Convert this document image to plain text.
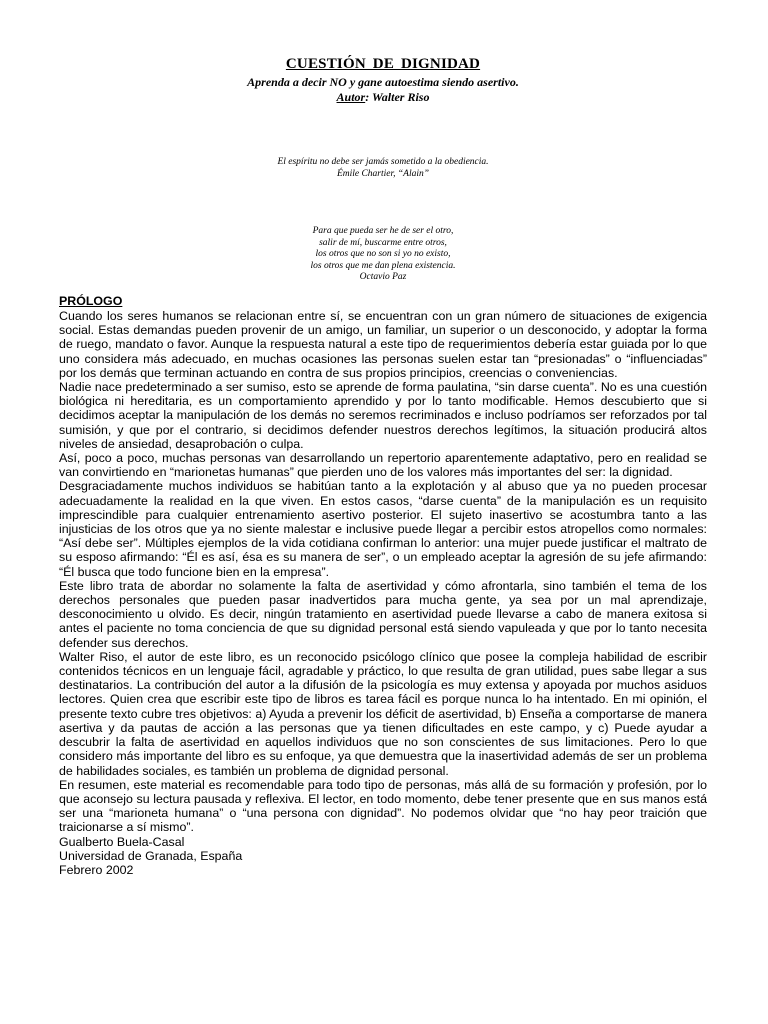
CUESTIÓN DE DIGNIDAD

Aprenda a decir NO y gane autoestima siendo asertivo.

Autor: Walter Riso

El espíritu no debe ser jamás sometido a la obediencia.
Émile Chartier, “Alain”
Para que pueda ser he de ser el otro,
salir de mí, buscarme entre otros,
los otros que no son si yo no existo,
los otros que me dan plena existencia.
Octavio Paz
PRÓLOGO

Cuando los seres humanos se relacionan entre sí, se encuentran con un gran número de situaciones de exigencia social. Estas demandas pueden provenir de un amigo, un familiar, un superior o un desconocido, y adoptar la forma de ruego, mandato o favor. Aunque la respuesta natural a este tipo de requerimientos debería estar guiada por lo que uno considera más adecuado, en muchas ocasiones las personas suelen estar tan “presionadas” o “influenciadas” por los demás que terminan actuando en contra de sus propios principios, creencias o conveniencias.

Nadie nace predeterminado a ser sumiso, esto se aprende de forma paulatina, “sin darse cuenta”. No es una cuestión biológica ni hereditaria, es un comportamiento aprendido y por lo tanto modificable. Hemos descubierto que si decidimos aceptar la manipulación de los demás no seremos recriminados e incluso podríamos ser reforzados por tal sumisión, y que por el contrario, si decidimos defender nuestros derechos legítimos, la situación producirá altos niveles de ansiedad, desaprobación o culpa.

Así, poco a poco, muchas personas van desarrollando un repertorio aparentemente adaptativo, pero en realidad se van convirtiendo en “marionetas humanas” que pierden uno de los valores más importantes del ser: la dignidad.

Desgraciadamente muchos individuos se habitúan tanto a la explotación y al abuso que ya no pueden procesar adecuadamente la realidad en la que viven. En estos casos, “darse cuenta” de la manipulación es un requisito imprescindible para cualquier entrenamiento asertivo posterior. El sujeto inasertivo se acostumbra tanto a las injusticias de los otros que ya no siente malestar e inclusive puede llegar a percibir estos atropellos como normales: “Así debe ser”. Múltiples ejemplos de la vida cotidiana confirman lo anterior: una mujer puede justificar el maltrato de su esposo afirmando: “Él es así, ésa es su manera de ser”, o un empleado aceptar la agresión de su jefe afirmando: “Él busca que todo funcione bien en la empresa”.

Este libro trata de abordar no solamente la falta de asertividad y cómo afrontarla, sino también el tema de los derechos personales que pueden pasar inadvertidos para mucha gente, ya sea por un mal aprendizaje, desconocimiento u olvido. Es decir, ningún tratamiento en asertividad puede llevarse a cabo de manera exitosa si antes el paciente no toma conciencia de que su dignidad personal está siendo vapuleada y que por lo tanto necesita defender sus derechos.

Walter Riso, el autor de este libro, es un reconocido psicólogo clínico que posee la compleja habilidad de escribir contenidos técnicos en un lenguaje fácil, agradable y práctico, lo que resulta de gran utilidad, pues sabe llegar a sus destinatarios. La contribución del autor a la difusión de la psicología es muy extensa y apoyada por muchos asiduos lectores. Quien crea que escribir este tipo de libros es tarea fácil es porque nunca lo ha intentado. En mi opinión, el presente texto cubre tres objetivos: a) Ayuda a prevenir los déficit de asertividad, b) Enseña a comportarse de manera asertiva y da pautas de acción a las personas que ya tienen dificultades en este campo, y c) Puede ayudar a descubrir la falta de asertividad en aquellos individuos que no son conscientes de sus limitaciones. Pero lo que considero más importante del libro es su enfoque, ya que demuestra que la inasertividad además de ser un problema de habilidades sociales, es también un problema de dignidad personal.

En resumen, este material es recomendable para todo tipo de personas, más allá de su formación y profesión, por lo que aconsejo su lectura pausada y reflexiva. El lector, en todo momento, debe tener presente que en sus manos está ser una “marioneta humana” o “una persona con dignidad”. No podemos olvidar que “no hay peor traición que traicionarse a sí mismo”.

Gualberto Buela-Casal

Universidad de Granada, España

Febrero 2002
